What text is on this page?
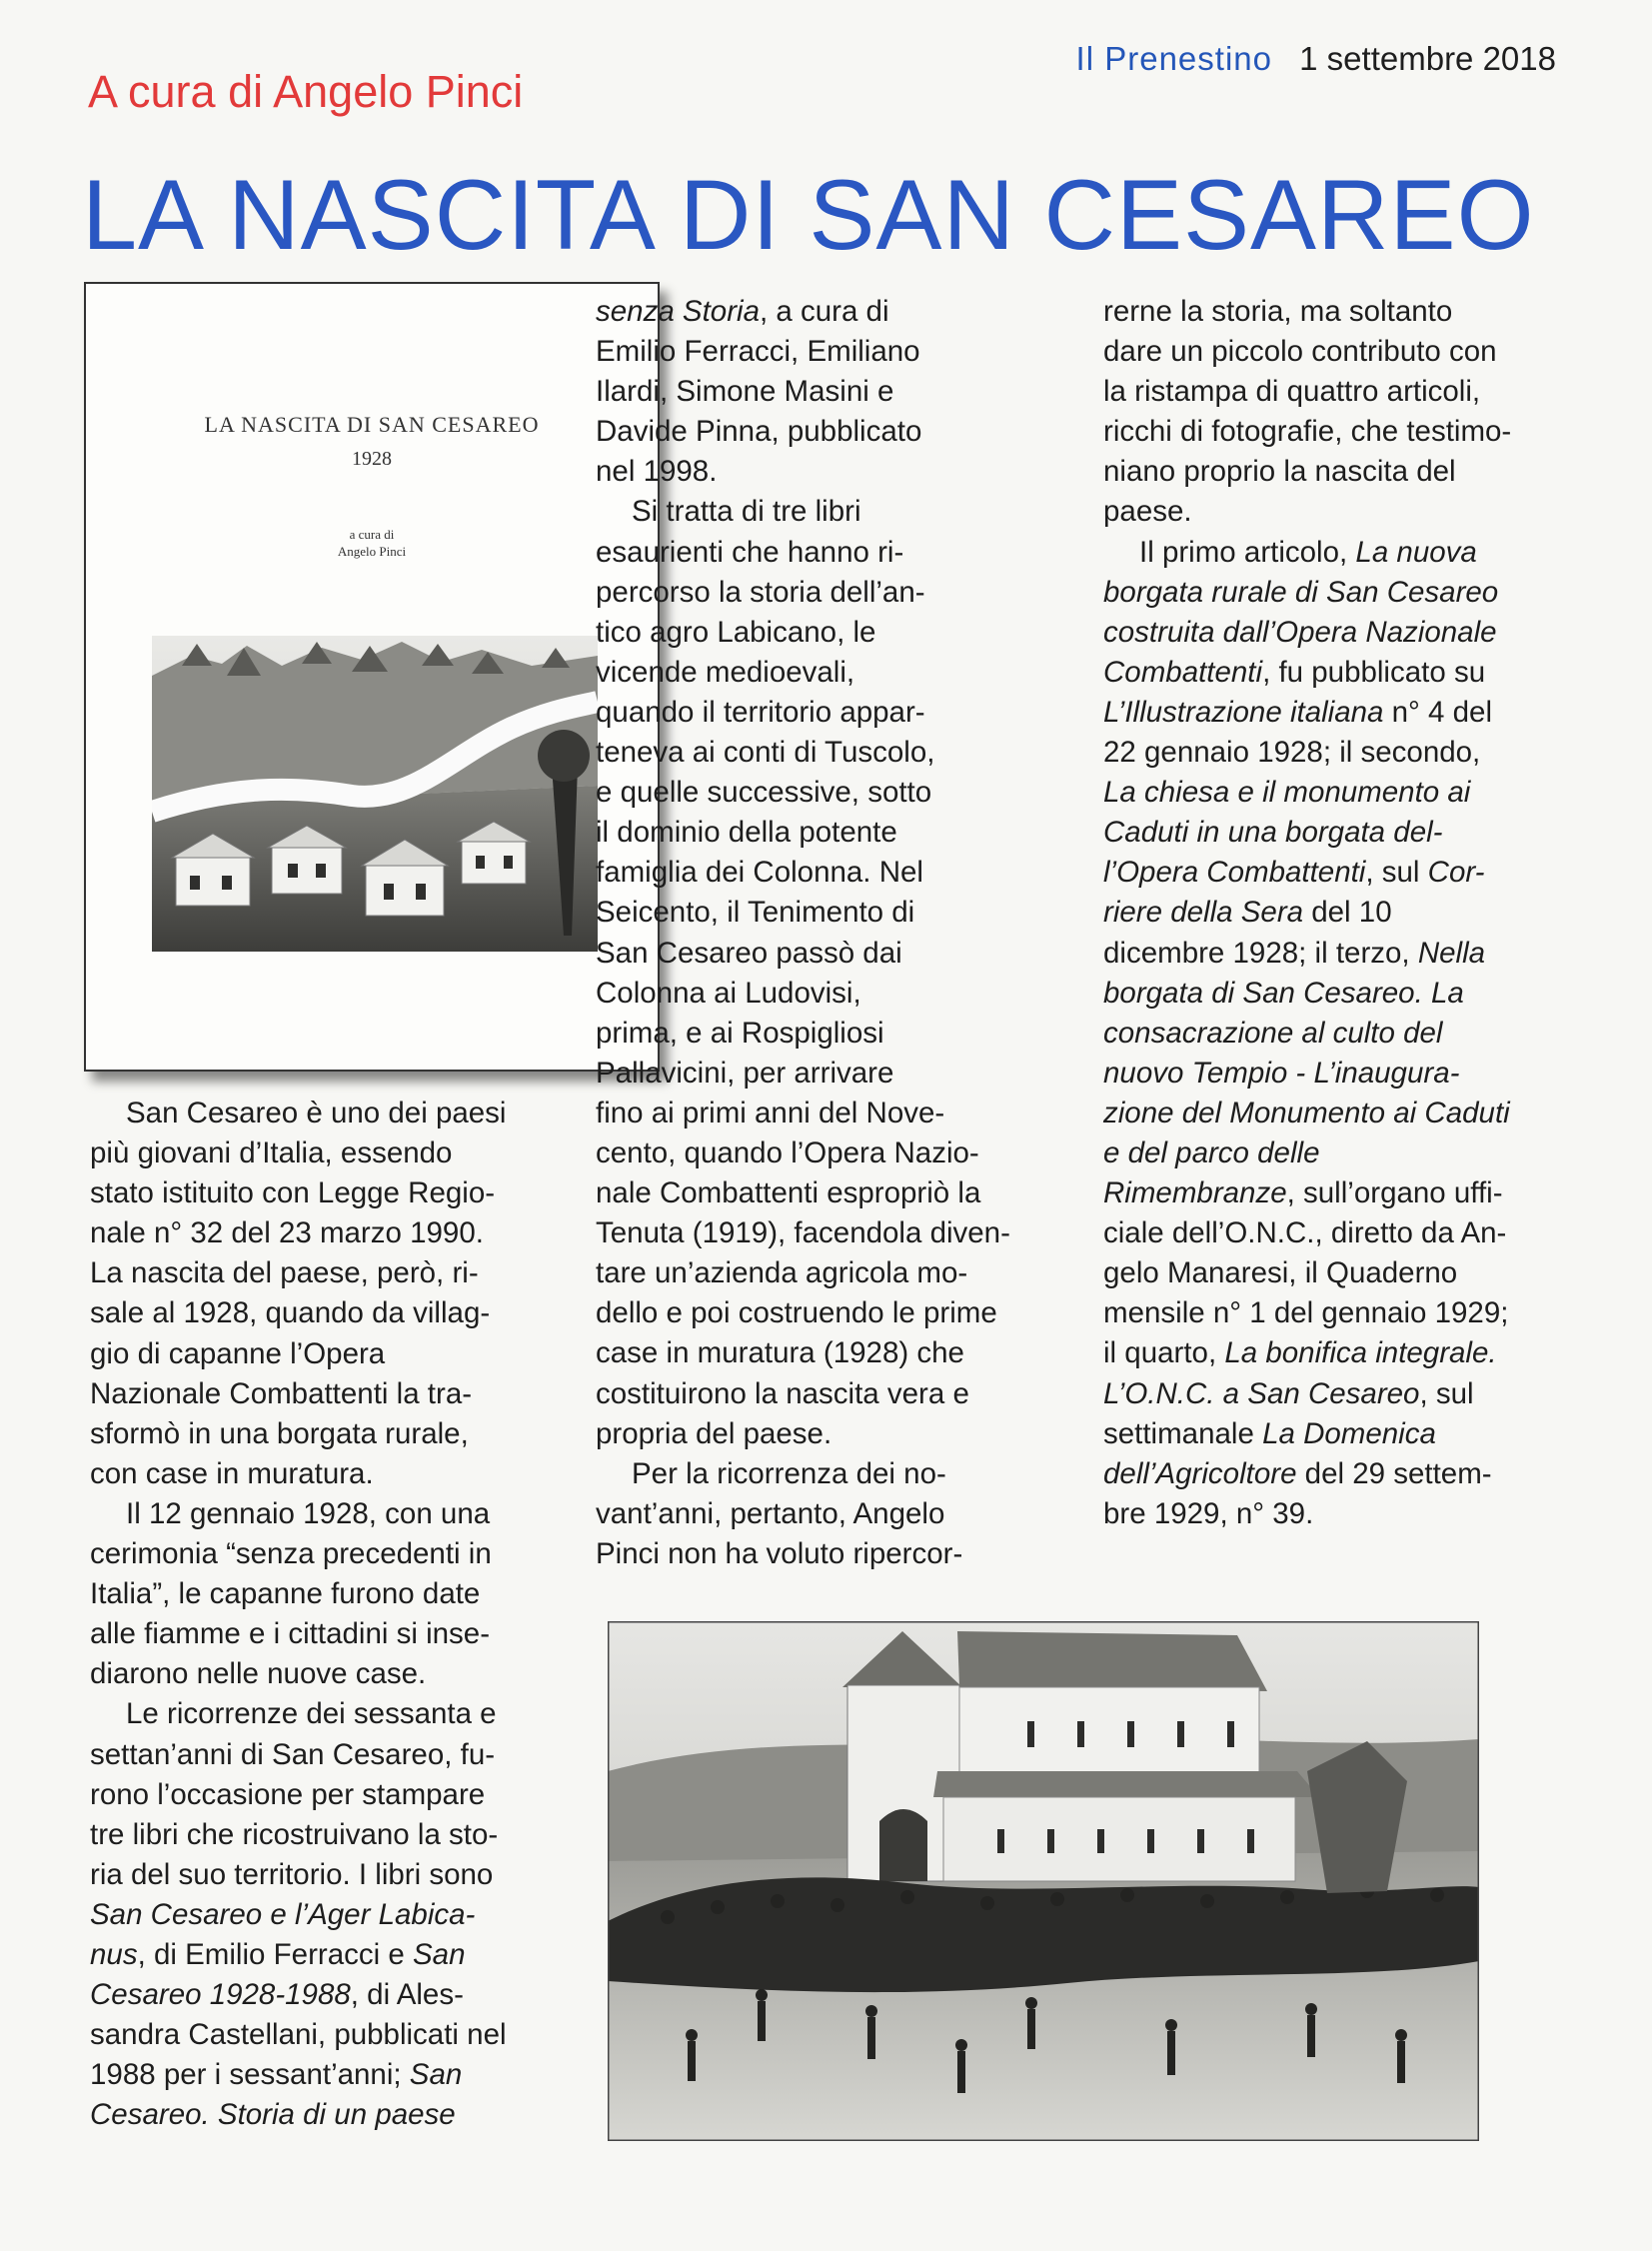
A cura di Angelo Pinci
Il Prenestino 1 settembre 2018
LA NASCITA DI SAN CESAREO
LA NASCITA DI SAN CESAREO
1928
a cura di
Angelo Pinci

San Cesareo è uno dei paesi

più giovani d’Italia, essendo

stato istituito con Legge Regio-

nale n° 32 del 23 marzo 1990.

La nascita del paese, però, ri-

sale al 1928, quando da villag-

gio di capanne l’Opera

Nazionale Combattenti la tra-

sformò in una borgata rurale,

con case in muratura.

Il 12 gennaio 1928, con una

cerimonia “senza precedenti in

Italia”, le capanne furono date

alle fiamme e i cittadini si inse-

diarono nelle nuove case.

Le ricorrenze dei sessanta e

settan’anni di San Cesareo, fu-

rono l’occasione per stampare

tre libri che ricostruivano la sto-

ria del suo territorio. I libri sono

San Cesareo e l’Ager Labica-

nus, di Emilio Ferracci e San

Cesareo 1928-1988, di Ales-

sandra Castellani, pubblicati nel

1988 per i sessant’anni; San

Cesareo. Storia di un paese

senza Storia, a cura di

Emilio Ferracci, Emiliano

Ilardi, Simone Masini e

Davide Pinna, pubblicato

nel 1998.

Si tratta di tre libri

esaurienti che hanno ri-

percorso la storia dell’an-

tico agro Labicano, le

vicende medioevali,

quando il territorio appar-

teneva ai conti di Tuscolo,

e quelle successive, sotto

il dominio della potente

famiglia dei Colonna. Nel

Seicento, il Tenimento di

San Cesareo passò dai

Colonna ai Ludovisi,

prima, e ai Rospigliosi

Pallavicini, per arrivare

fino ai primi anni del Nove-

cento, quando l’Opera Nazio-

nale Combattenti espropriò la

Tenuta (1919), facendola diven-

tare un’azienda agricola mo-

dello e poi costruendo le prime

case in muratura (1928) che

costituirono la nascita vera e

propria del paese.

Per la ricorrenza dei no-

vant’anni, pertanto, Angelo

Pinci non ha voluto ripercor-

rerne la storia, ma soltanto

dare un piccolo contributo con

la ristampa di quattro articoli,

ricchi di fotografie, che testimo-

niano proprio la nascita del

paese.

Il primo articolo, La nuova

borgata rurale di San Cesareo

costruita dall’Opera Nazionale

Combattenti, fu pubblicato su

L’Illustrazione italiana n° 4 del

22 gennaio 1928; il secondo,

La chiesa e il monumento ai

Caduti in una borgata del-

l’Opera Combattenti, sul Cor-

riere della Sera del 10

dicembre 1928; il terzo, Nella

borgata di San Cesareo. La

consacrazione al culto del

nuovo Tempio - L’inaugura-

zione del Monumento ai Caduti

e del parco delle

Rimembranze, sull’organo uffi-

ciale dell’O.N.C., diretto da An-

gelo Manaresi, il Quaderno

mensile n° 1 del gennaio 1929;

il quarto, La bonifica integrale.

L’O.N.C. a San Cesareo, sul

settimanale La Domenica

dell’Agricoltore del 29 settem-

bre 1929, n° 39.
